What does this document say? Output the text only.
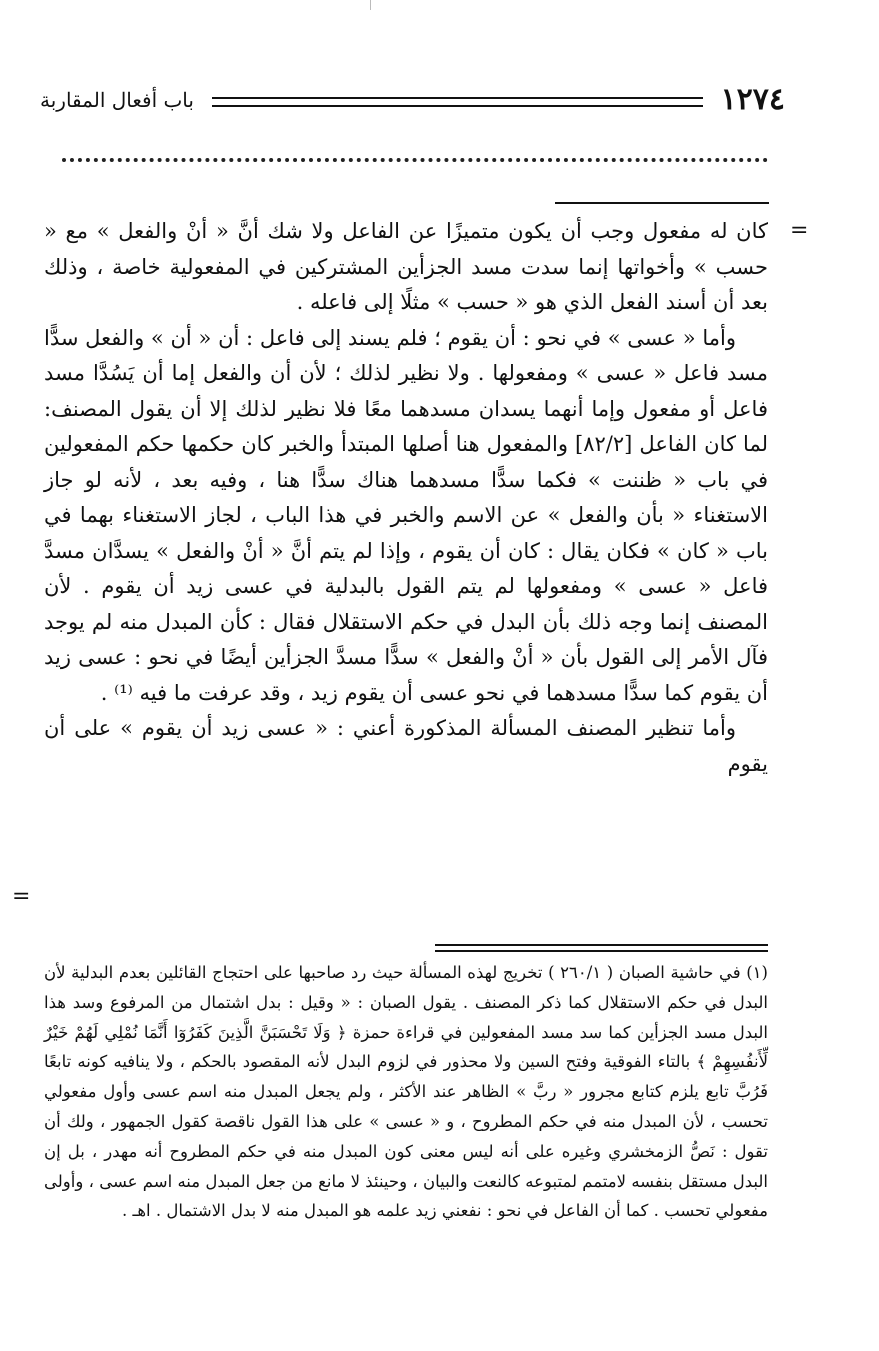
١٢٧٤
باب أفعال المقاربة
=

كان له مفعول وجب أن يكون متميزًا عن الفاعل ولا شك أنَّ « أنْ والفعل » مع « حسب » وأخواتها إنما سدت مسد الجزأين المشتركين في المفعولية خاصة ، وذلك بعد أن أسند الفعل الذي هو « حسب » مثلًا إلى فاعله .

وأما « عسى » في نحو : أن يقوم ؛ فلم يسند إلى فاعل : أن « أن » والفعل سدًّا مسد فاعل « عسى » ومفعولها . ولا نظير لذلك ؛ لأن أن والفعل إما أن يَسُدَّا مسد فاعل أو مفعول وإما أنهما يسدان مسدهما معًا فلا نظير لذلك إلا أن يقول المصنف: لما كان الفاعل [٨٢/٢] والمفعول هنا أصلها المبتدأ والخبر كان حكمها حكم المفعولين في باب « ظننت » فكما سدًّا مسدهما هناك سدًّا هنا ، وفيه بعد ، لأنه لو جاز الاستغناء « بأن والفعل » عن الاسم والخبر في هذا الباب ، لجاز الاستغناء بهما في باب « كان » فكان يقال : كان أن يقوم ، وإذا لم يتم أنَّ « أنْ والفعل » يسدَّان مسدَّ فاعل « عسى » ومفعولها لم يتم القول بالبدلية في عسى زيد أن يقوم . لأن المصنف إنما وجه ذلك بأن البدل في حكم الاستقلال فقال : كأن المبدل منه لم يوجد فآل الأمر إلى القول بأن « أنْ والفعل » سدًّا مسدَّ الجزأين أيضًا في نحو : عسى زيد أن يقوم كما سدًّا مسدهما في نحو عسى أن يقوم زيد ، وقد عرفت ما فيه ⁽¹⁾ .

وأما تنظير المصنف المسألة المذكورة أعني : « عسى زيد أن يقوم » على أن يقوم

=

(١) في حاشية الصبان ( ٢٦٠/١ ) تخريج لهذه المسألة حيث رد صاحبها على احتجاج القائلين بعدم البدلية لأن البدل في حكم الاستقلال كما ذكر المصنف . يقول الصبان : « وقيل : بدل اشتمال من المرفوع وسد هذا البدل مسد الجزأين كما سد مسد المفعولين في قراءة حمزة ﴿ وَلَا تَحْسَبَنَّ الَّذِينَ كَفَرُوٓا أَنَّمَا نُمْلِي لَهُمْ خَيْرٌ لِّأَنفُسِهِمْ ﴾ بالتاء الفوقية وفتح السين ولا محذور في لزوم البدل لأنه المقصود بالحكم ، ولا ينافيه كونه تابعًا فَرُبَّ تابع يلزم كتابع مجرور « ربَّ » الظاهر عند الأكثر ، ولم يجعل المبدل منه اسم عسى وأول مفعولي تحسب ، لأن المبدل منه في حكم المطروح ، و « عسى » على هذا القول ناقصة كقول الجمهور ، ولك أن تقول : نَصُّ الزمخشري وغيره على أنه ليس معنى كون المبدل منه في حكم المطروح أنه مهدر ، بل إن البدل مستقل بنفسه لامتمم لمتبوعه كالنعت والبيان ، وحينئذ لا مانع من جعل المبدل منه اسم عسى ، وأولى مفعولي تحسب . كما أن الفاعل في نحو : نفعني زيد علمه هو المبدل منه لا بدل الاشتمال . اهـ .
